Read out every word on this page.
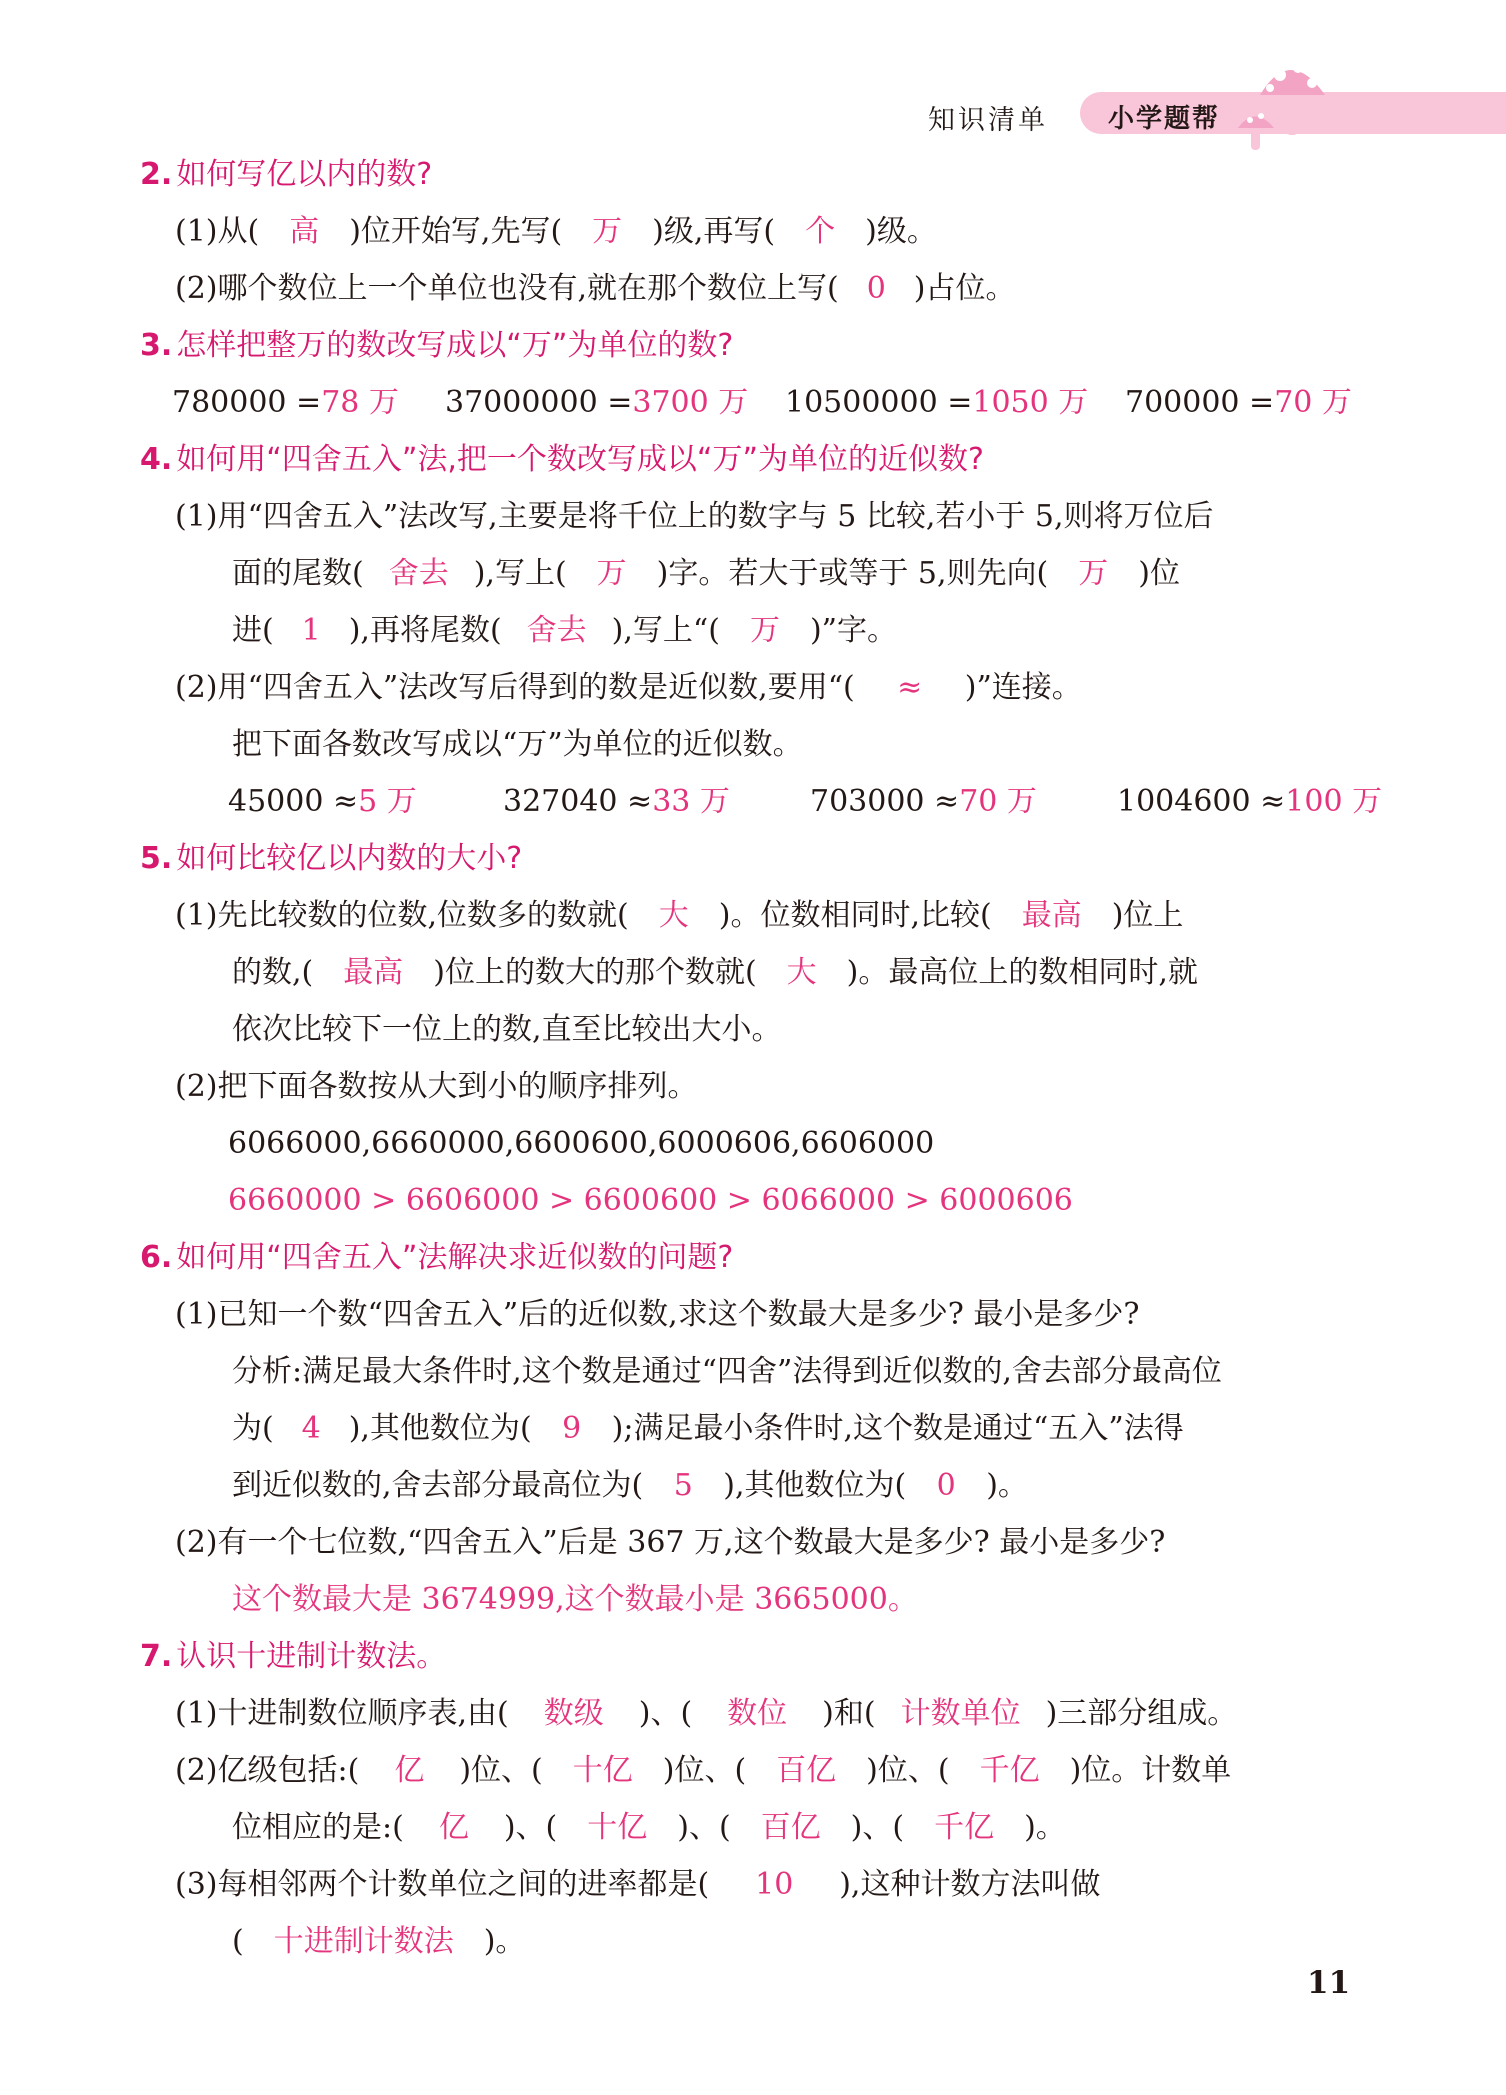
知识清单 小学题帮
2. 如何写亿以内的数?
(1)从( 高 )位开始写,先写( 万 )级,再写( 个 )级。
(2)哪个数位上一个单位也没有,就在那个数位上写( 0 )占位。
3. 怎样把整万的数改写成以“万”为单位的数?
780000 =78 万 37000000 =3700 万 10500000 =1050 万 700000 =70 万
4. 如何用“四舍五入”法,把一个数改写成以“万”为单位的近似数?
(1)用“四舍五入”法改写,主要是将千位上的数字与 5 比较,若小于 5,则将万位后
面的尾数( 舍去 ),写上( 万 )字。若大于或等于 5,则先向( 万 )位
进( 1 ),再将尾数( 舍去 ),写上“( 万 )”字。
(2)用“四舍五入”法改写后得到的数是近似数,要用“( ≈ )”连接。
把下面各数改写成以“万”为单位的近似数。
45000 ≈5 万	327040 ≈33 万	703000 ≈70 万	1004600 ≈100 万
5. 如何比较亿以内数的大小?
(1)先比较数的位数,位数多的数就( 大 )。位数相同时,比较( 最高 )位上
的数,( 最高 )位上的数大的那个数就( 大 )。最高位上的数相同时,就
依次比较下一位上的数,直至比较出大小。
(2)把下面各数按从大到小的顺序排列。
6066000,6660000,6600600,6000606,6606000
6660000 > 6606000 > 6600600 > 6066000 > 6000606
6. 如何用“四舍五入”法解决求近似数的问题?
(1)已知一个数“四舍五入”后的近似数,求这个数最大是多少? 最小是多少?
分析:满足最大条件时,这个数是通过“四舍”法得到近似数的,舍去部分最高位
为( 4 ),其他数位为( 9 );满足最小条件时,这个数是通过“五入”法得
到近似数的,舍去部分最高位为( 5 ),其他数位为( 0 )。
(2)有一个七位数,“四舍五入”后是 367 万,这个数最大是多少? 最小是多少?
这个数最大是 3674999,这个数最小是 3665000。
7. 认识十进制计数法。
(1)十进制数位顺序表,由( 数级 )、( 数位 )和( 计数单位 )三部分组成。
(2)亿级包括:( 亿 )位、( 十亿 )位、( 百亿 )位、( 千亿 )位。计数单
位相应的是:( 亿 )、( 十亿 )、( 百亿 )、( 千亿 )。
(3)每相邻两个计数单位之间的进率都是( 10 ),这种计数方法叫做
( 十进制计数法 )。
11
